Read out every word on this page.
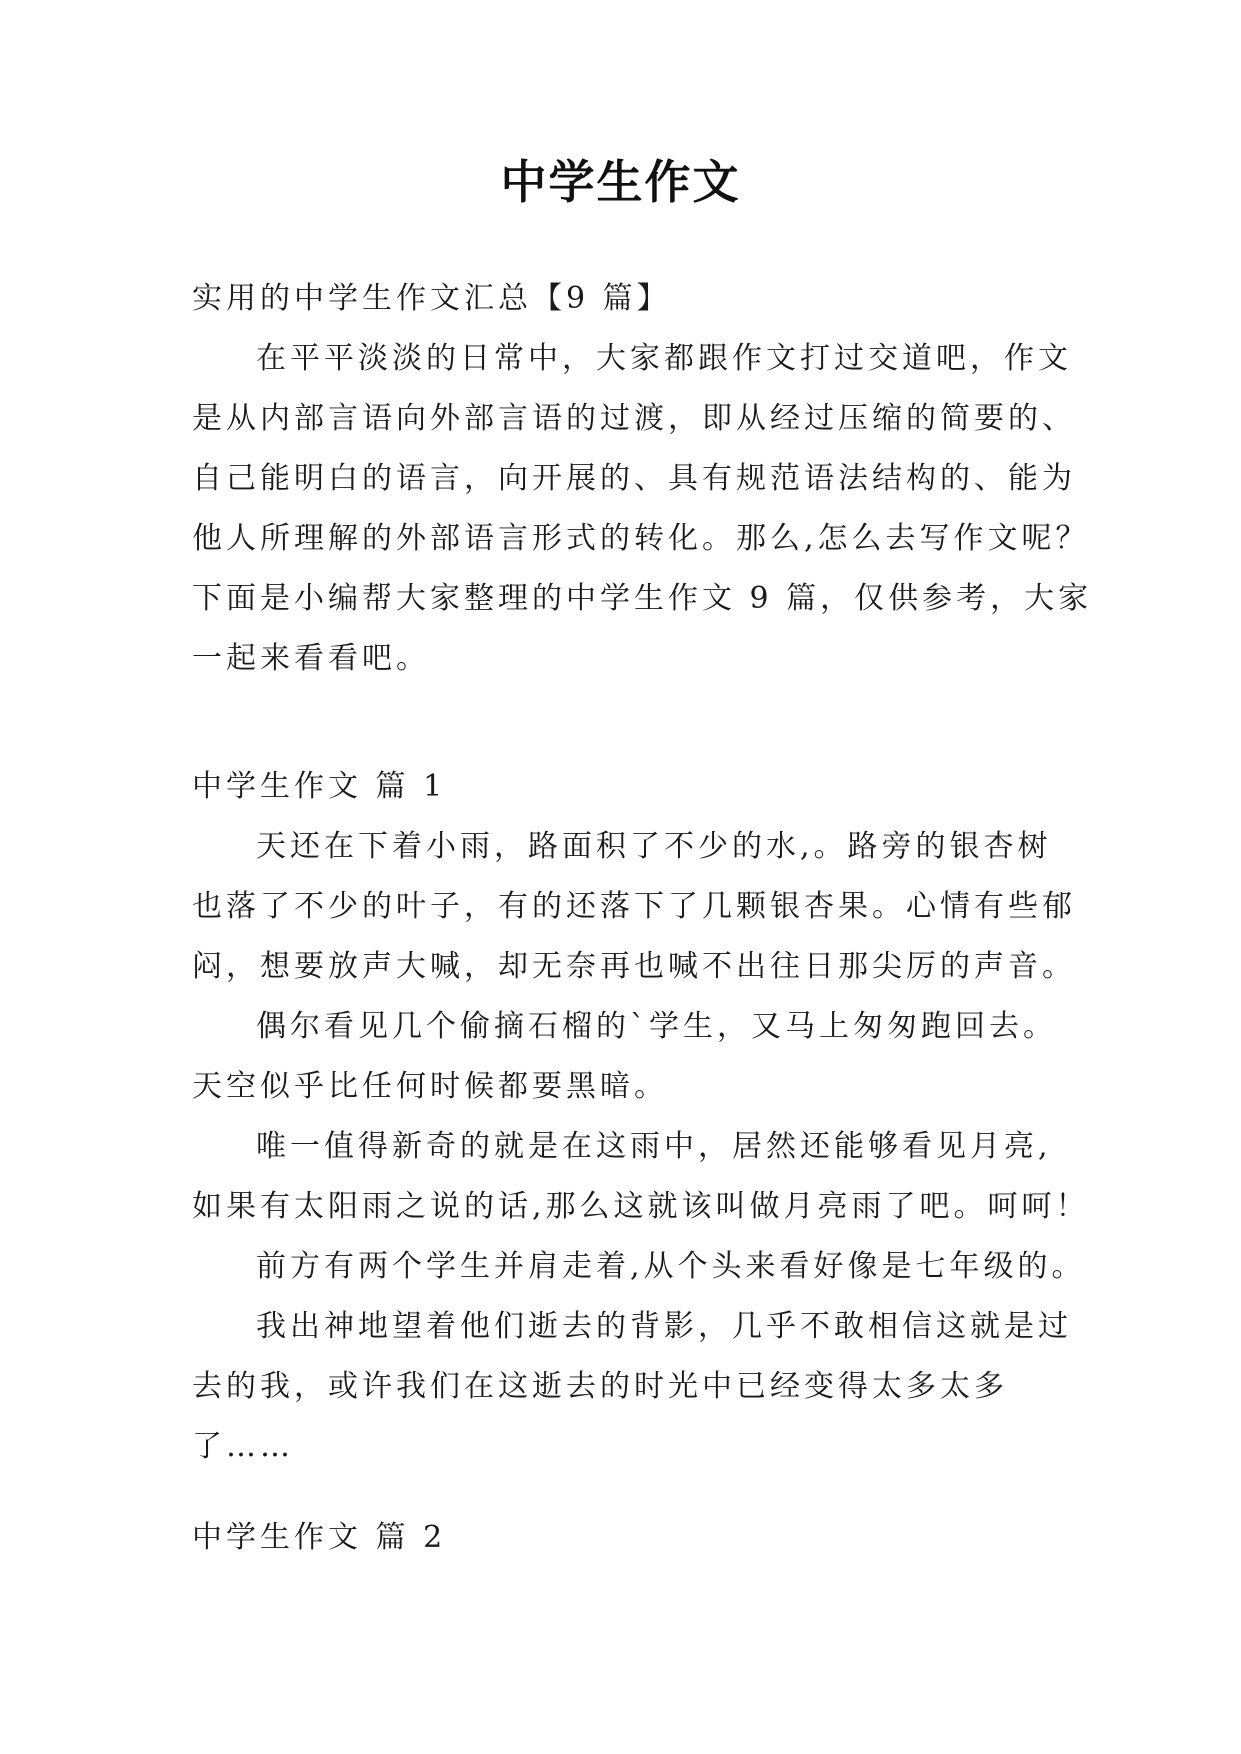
中学生作文
实用的中学生作文汇总【9 篇】
在平平淡淡的日常中，大家都跟作文打过交道吧，作文
是从内部言语向外部言语的过渡，即从经过压缩的简要的、
自己能明白的语言，向开展的、具有规范语法结构的、能为
他人所理解的外部语言形式的转化。那么,怎么去写作文呢？
下面是小编帮大家整理的中学生作文 9 篇，仅供参考，大家
一起来看看吧。
中学生作文 篇 1
天还在下着小雨，路面积了不少的水,。路旁的银杏树
也落了不少的叶子，有的还落下了几颗银杏果。心情有些郁
闷，想要放声大喊，却无奈再也喊不出往日那尖厉的声音。
偶尔看见几个偷摘石榴的`学生，又马上匆匆跑回去。
天空似乎比任何时候都要黑暗。
唯一值得新奇的就是在这雨中，居然还能够看见月亮,
如果有太阳雨之说的话,那么这就该叫做月亮雨了吧。呵呵！
前方有两个学生并肩走着,从个头来看好像是七年级的。
我出神地望着他们逝去的背影，几乎不敢相信这就是过
去的我，或许我们在这逝去的时光中已经变得太多太多
了……
中学生作文 篇 2
